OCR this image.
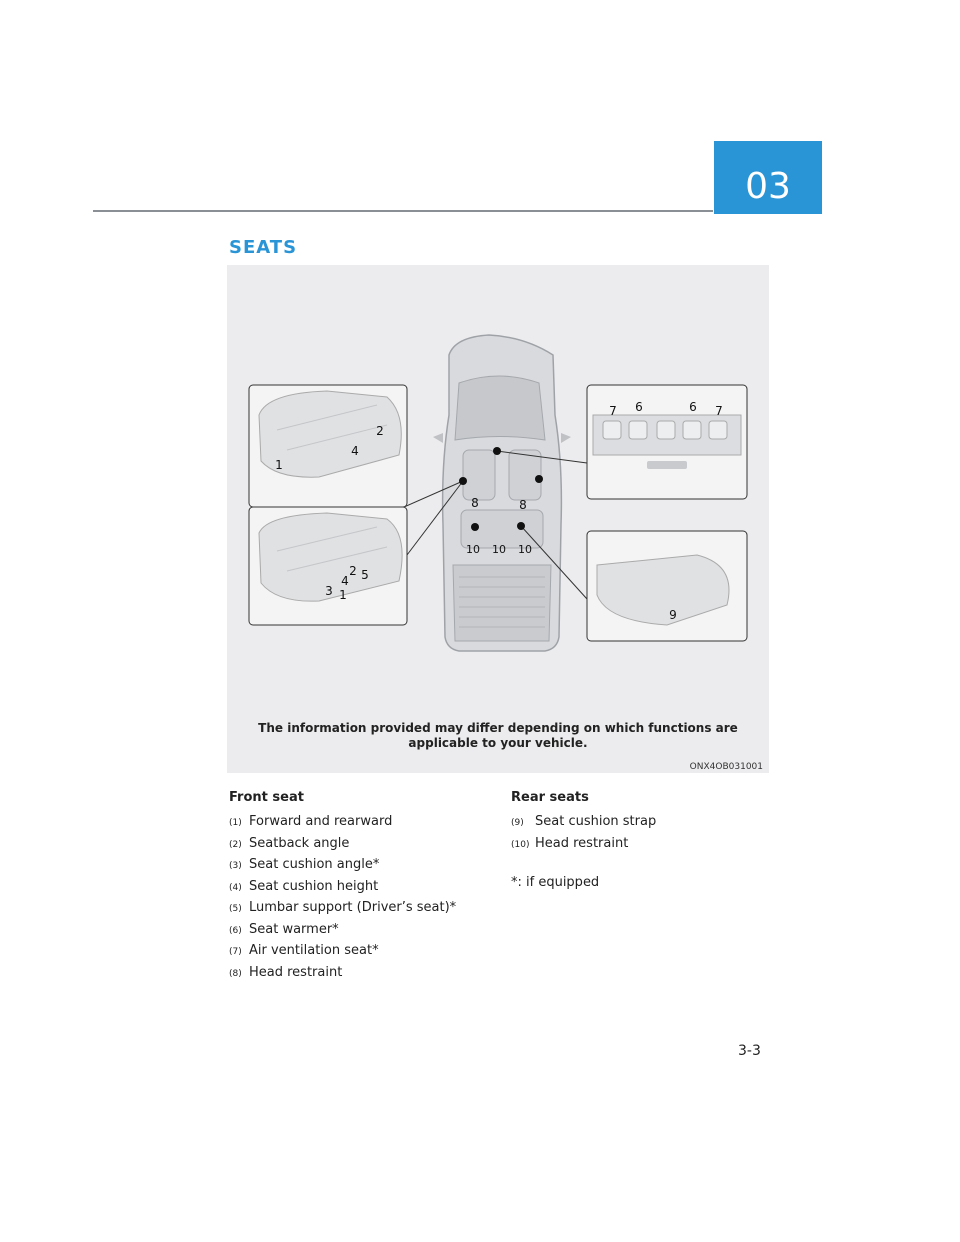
03
SEATS
1
2
4
1
2
3
4 5
7 6	6 7
9
8	8
10 10 10
The information provided may differ depending on which functions are applicable to your vehicle.
ONX4OB031001
Front seat
(1) Forward and rearward
(2) Seatback angle
(3) Seat cushion angle*
(4) Seat cushion height
(5) Lumbar support (Driver’s seat)*
(6) Seat warmer*
(7) Air ventilation seat*
(8) Head restraint
Rear seats
(9) Seat cushion strap
(10) Head restraint
*: if equipped
3-3
